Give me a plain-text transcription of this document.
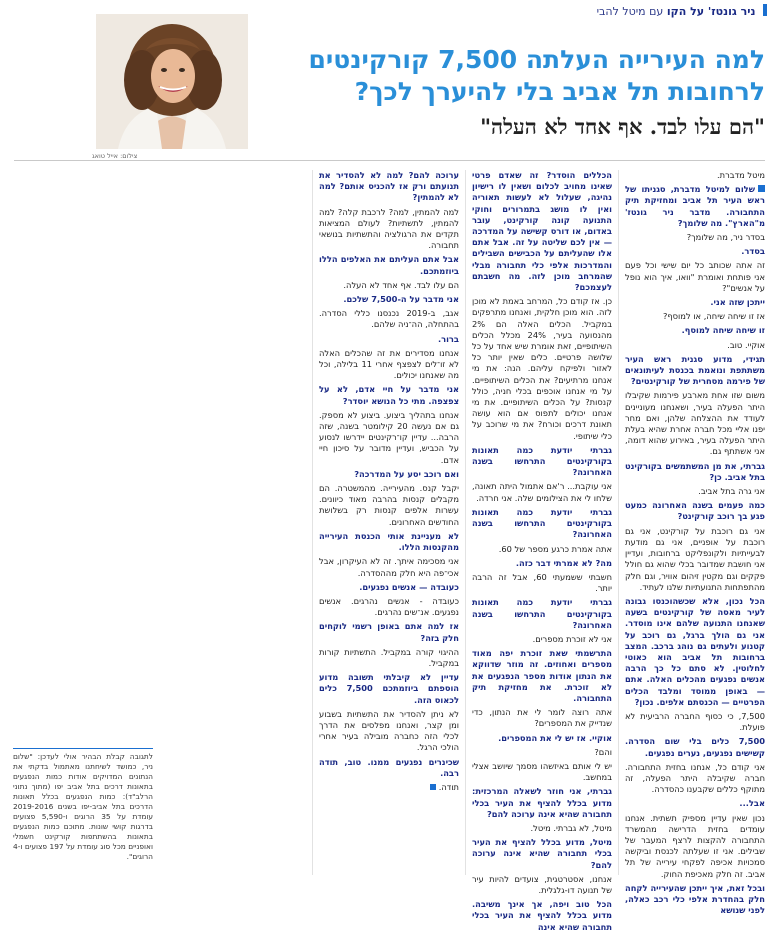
ניר גונטז' על הקו עם מיטל להבי
צילום: אייל טואג
למה העירייה העלתה 7,500 קורקינטים
לרחובות תל אביב בלי להיערך לכך?
"הם עלו לבד. אף אחד לא העלה"

מיטל מדברת.

שלום למיטל מדברת, סגניתו של ראש העיר תל אביב ומחזיקת תיק התחבורה. מדבר ניר גונטז' מ"הארץ". מה שלומך?

בסדר ניר, מה שלומך?

בסדר.

זה אתה שכותב כל יום שישי וכל פעם אני פותחת ואומרת "וואו, איך הוא נופל על אנשים"?

ייתכן שזה אני.

אז זו שיחה שיחה, או למוסף?

זו שיחה שיחה למוסף.

אוקיי. טוב.

תגידי, מדוע סגנית ראש העיר משתתפת ונואמת בכנסת לעיתונאים של פירמה מסחרית של קורקינטים?

משום שזו אחת מארבע פירמות שקיבלו היתר הפעלה בעיר, ושאנחנו מעוניינים לעודד את ההצלחה שלהן, ואם מחר יפנו אליי מכל חברה אחרת שהיא בעלת היתר הפעלה בעיר, באירוע שהוא דומה, אני אשתתף גם.

גברתי, את מן המשתמשים בקורקינט בתל אביב. כן?

אני גרה בתל אביב.

כמה פעמים בשנה האחרונה כמעט פגע בך רוכב קורקינט?

אני גם רוכבת על קורקינט, אני גם רוכבת על אופניים, אני גם מודעת לבעייתיות ולקונפליקט ברחובות, ועדיין אני חושבת שמדובר בכלי שהוא גם חולל פקקים וגם מקטין זיהום אוויר, וגם חלק מהתפתחות התנועתיות שלנו לעתיד.

הכל נכון, אלא שכשהוכנסו גבונה לעיר מאסה של קורקינטים בשעה שאנחנו התנועה שלהם אינו מוסדר. אני גם הולך ברגל, גם רוכב על קטנוע ולעתים גם נוהג ברכב. המצב ברחובות תל אביב הוא כאוטי לחלוטין. לא סתם כל כך הרבה אנשים נפגעים מהכלים האלה. אתם — באופן ממוסד ומלבד הכלים הפרטיים — הכנסתם אלפים. נכון?

7,500, כי כסוף החברה הרביעית לא פועלת.

7,500 כלים בלי שום הסדרה. קשישים נפגעים, נערים נפגעים.

אני קודם כל, אנחנו בחזית התחבורה. חברה שקיבלה היתר הפעלה, זה מתוקף כללים שקבענו כהסדרה.

אבל...

נכון שאין עדיין מספיק תשתית. אנחנו עומדים בחזית הדרישה מהמשרד התחבורה להקצות לרצף המעבר של שבילים. אני זו שעלתה לכנסת וביקשה סמכויות אכיפה לפקחי עירייה של תל אביב. זה חלק מאכיפת החוק.

ובכל זאת, איך ייתכן שהעירייה לקחה חלק בהחדרת אלפי כלי רכב כאלה, לפני שנושא

הכללים הוסדר? זה שאדם פרטי שאינו מחויב לכלום ושאין לו רישיון נהיגה, שעלול לא לעשות תאוריה ואין לו מושג בתמרורים וחוקי התנועה קונה קורקינט, עובר באדום, או דורס קשישה על המדרכה — אין לכם שליטה על זה. אבל אתם אלו שהעליתם על הכבישים השבילים והמדרכות אלפי כלי תחבורה מבלי שהמרחב מוכן לזה. מה חשבתם לעצמכם?

כן. אז קודם כל, המרחב באמת לא מוכן לזה. הוא מוכן חלקית, ואנחנו מתרפקים במקביל. הכלים האלה הם 2% מהנסועה בעיר, 24% מכלל הכלים השיתופיים, זאת אומרת שיש אחד על כל שלושה פרטיים. כלים שאין יותר כל לאזור ולפיקח עליהם. הנה: את מי אנחנו מרתיעים? את הכלים השיתופיים. על מי אנחנו אוכפים בכלי חניה, כולל קנסות? על הכלים השיתופיים. את מי אנחנו יכולים לתפוס אם הוא עושה תאונת דרכים וכורח? את מי שרוכב על כלי שיתופי.

גברתי יודעת כמה תאונות בקורקינטים התרחשו בשנה האחרונה?

אני עוקבת... ר'אם אתמול היתה תאונה, שלחו לי את הצילומים שלה. אני חרדה.

גברתי יודעת כמה תאונות בקורקינטים התרחשו בשנה האחרונה?

אתה אמרת כרגע מספר של 60.

מה? לא אמרתי דבר כזה.

חשבתי ששמעתי 60, אבל זה הרבה יותר.

גברתי יודעת כמה תאונות בקורקינטים התרחשו בשנה האחרונה?

אני לא זוכרת מספרים.

התרשמתי שאת זוכרת יפה מאוד מספרים ואחוזים. זה מוזר שדווקא את הנתון אודות מספר הנפגעים את לא זוכרת. את מחזיקת תיק התחבורה.

אתה רוצה לומר לי את הנתון, כדי שנדייק את המספרים?

אוקיי. אז יש לי את המספרים.

והם?

יש לי אותם באיזשהו מסמך שיושב אצלי במחשב.

גברתי, אני חוזר לשאלה המרכזית: מדוע בכלל להציף את העיר בכלי תחבורה שהיא אינה ערוכה להם?

מיטל, לא גברתי. מיטל.

מיטל, מדוע בכלל להציף את העיר בכלי תחבורה שהיא אינה ערוכה להם?

אנחנו, אסטרטגית, צועדים להיות עיר של תנועה דו-גלגלית.

הכל טוב ויפה, אך אינך משיבה. מדוע בכלל להציף את העיר בכלי תחבורה שהיא אינה

ערוכה להם? למה לא להסדיר את תנועתם ורק אז להכניס אותם? למה לא להמתין?

למה להמתין, למה? לרכבת קלה? למה להמתין, לתשתיות? לעולם המציאות תקדים את הרגולציה והתשתיות בנושאי תחבורה.

אבל אתם העליתם את האלפים הללו ביוזמתכם.

הם עלו לבד. אף אחד לא העלה.

אני מדבר על ה-7,500 שלכם.

אגב, ב-2019 נכנסנו כללי הסדרה. בהתחלה, הה־ניה שלהם.

ברור.

אנחנו מסדירים את זה שהכלים האלה לא זו־לים לצפצף אחרי 11 בלילה, וכל מה שאנחנו יכולים.

אני מדבר על חיי אדם, לא על צפצפה. מתי כל הנושא יוסדר?

אנחנו בתהליך ביצוע. ביצוע לא מספק. גם אם נעשה 20 קילומטר בשנה, שזה הרבה... עדיין קו־רקינטים יידרשו לנסוע על הכביש, ועדיין מדובר על סיכון חיי אדם.

ואם רוכב יסע על המדרכה?

יקבל קנס. מהעירייה. מהמשטרה. הם מקבלים קנסות בהרבה מאוד כיוונים. עשרות אלפים קנסות רק בשלושת החודשים האחרונים.

לא מעניינת אותי הכנסת העירייה מהקנסות הללו.

אני מסכימה איתך. זה לא העיקרון, אבל אכי־פה היא חלק מההסדרה.

כעובדה — אנשים נפגעים.

כעובדה - אנשים נהרגים. אנשים נפגעים. אנ־שים נהרגים.

אז למה אתם באופן רשמי לוקחים חלק בזה?

ההיגוי קורה במקביל. התשתיות קורות במקביל.

עדיין לא קיבלתי תשובה מדוע הוספתם ביוזמתכם 7,500 כלים לכאוס הזה.

לא ניתן להסדיר את התשתיות בשבוע ומן קצר, ואנחנו מפלסים את הדרך לכלי הזה כחברה מובילה בעיר אחרי הולכי הרגל.

שכינרים נפגעים ממנו. טוב, תודה רבה.

תודה.

לתגובה קבלת הבהיר אולי לעדכן: "שלום ניר, כמושד לשיחתנו מאתמול בדקתי את הנתונים המדויקים אודות כמות הנפגעים בתאונות דרכים בתל אביב יפו (מתוך נתוני הרלב"ד): כמות הנפגעים בכלל תאונות הדרכים בתל אביב-יפו בשנים 2019-2016 עומדת על 35 הרוגים ו-5,590 פצועים בדרגות קושי שונות. מתוכם כמות הנפגעים בתאונות בהשתתפות קורקינט חשמלי ואופניים מכל סוג עומדת על 197 פצועים ו-4 הרוגים".
